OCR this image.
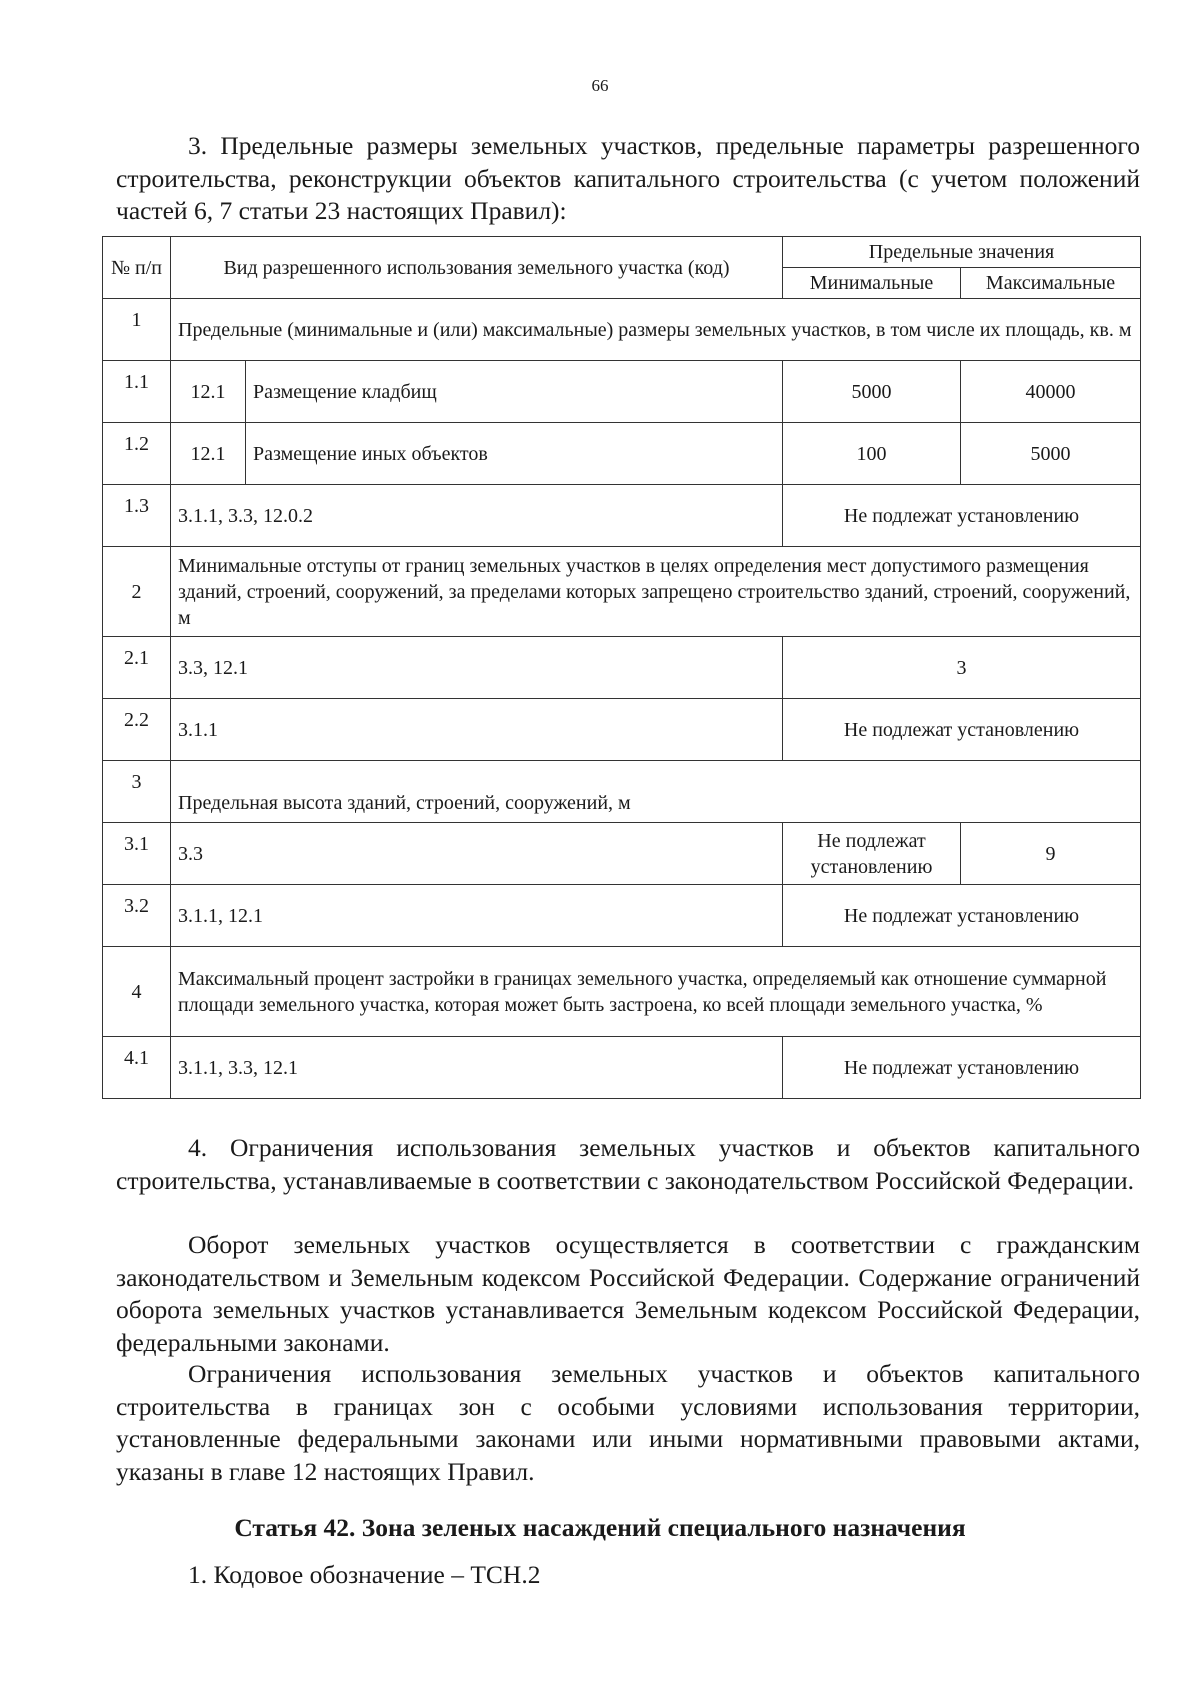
66
3. Предельные размеры земельных участков, предельные параметры разрешенного строительства, реконструкции объектов капитального строительства (с учетом положений частей 6, 7 статьи 23 настоящих Правил):
№ п/п	Вид разрешенного использования земельного участка (код)		Предельные значения	
			Минимальные	Максимальные
1	Предельные (минимальные и (или) максимальные) размеры земельных участков, в том числе их площадь, кв. м			
1.1	12.1	Размещение кладбищ	5000	40000
1.2	12.1	Размещение иных объектов	100	5000
1.3	3.1.1, 3.3, 12.0.2		Не подлежат установлению	
2	Минимальные отступы от границ земельных участков в целях определения мест допустимого размещения зданий, строений, сооружений, за пределами которых запрещено строительство зданий, строений, сооружений, м			
2.1	3.3, 12.1		3	
2.2	3.1.1		Не подлежат установлению	
3	Предельная высота зданий, строений, сооружений, м			
3.1	3.3		Не подлежат установлению	9
3.2	3.1.1, 12.1		Не подлежат установлению	
4	Максимальный процент застройки в границах земельного участка, определяемый как отношение суммарной площади земельного участка, которая может быть застроена, ко всей площади земельного участка, %			
4.1	3.1.1, 3.3, 12.1		Не подлежат установлению	
4. Ограничения использования земельных участков и объектов капитального строительства, устанавливаемые в соответствии с законодательством Российской Федерации.
Оборот земельных участков осуществляется в соответствии с гражданским законодательством и Земельным кодексом Российской Федерации. Содержание ограничений оборота земельных участков устанавливается Земельным кодексом Российской Федерации, федеральными законами.
Ограничения использования земельных участков и объектов капитального строительства в границах зон с особыми условиями использования территории, установленные федеральными законами или иными нормативными правовыми актами, указаны в главе 12 настоящих Правил.
Статья 42. Зона зеленых насаждений специального назначения
1. Кодовое обозначение – ТСН.2
